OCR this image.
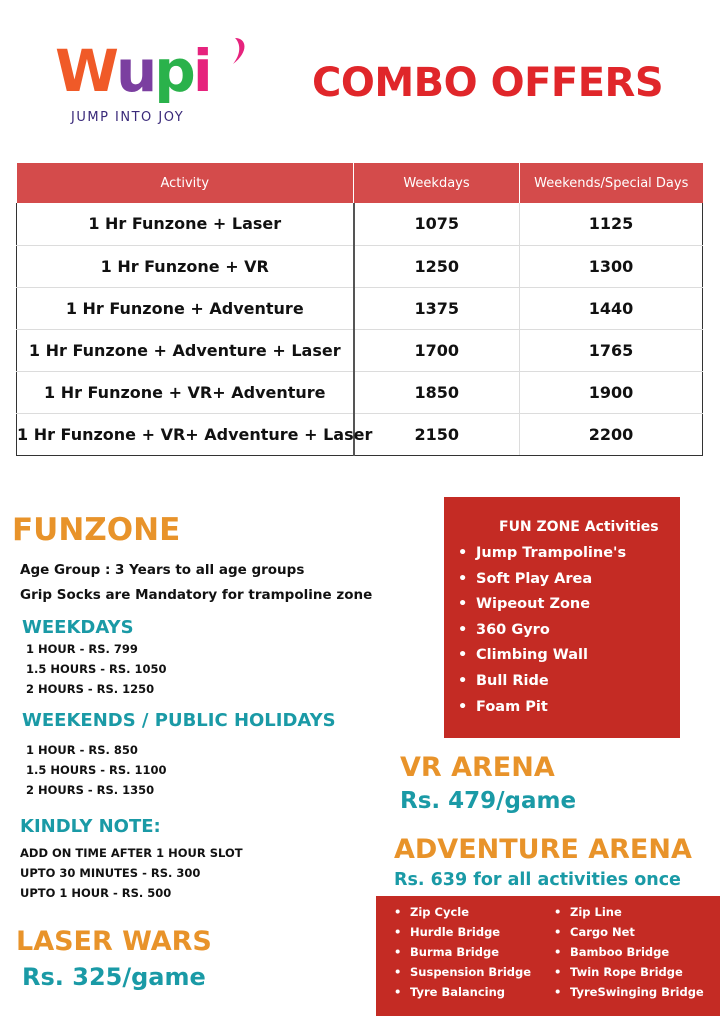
Wupi
JUMP INTO JOY
COMBO OFFERS
Activity	Weekdays	Weekends/Special Days
1 Hr Funzone + Laser	1075	1125
1 Hr Funzone + VR	1250	1300
1 Hr Funzone + Adventure	1375	1440
1 Hr Funzone + Adventure + Laser	1700	1765
1 Hr Funzone + VR+ Adventure	1850	1900
1 Hr Funzone + VR+ Adventure + Laser	2150	2200
FUNZONE
Age Group : 3 Years to all age groups
Grip Socks are Mandatory for trampoline zone
WEEKDAYS
1 HOUR - RS. 799
1.5 HOURS - RS. 1050
2 HOURS - RS. 1250
WEEKENDS / PUBLIC HOLIDAYS
1 HOUR - RS. 850
1.5 HOURS - RS. 1100
2 HOURS - RS. 1350
KINDLY NOTE:
ADD ON TIME AFTER 1 HOUR SLOT
UPTO 30 MINUTES - RS. 300
UPTO 1 HOUR - RS. 500
LASER WARS
Rs. 325/game
FUN ZONE Activities
• Jump Trampoline's
• Soft Play Area
• Wipeout Zone
• 360 Gyro
• Climbing Wall
• Bull Ride
• Foam Pit
VR ARENA
Rs. 479/game
ADVENTURE ARENA
Rs. 639 for all activities once
• Zip Cycle
• Hurdle Bridge
• Burma Bridge
• Suspension Bridge
• Tyre Balancing
• Zip Line
• Cargo Net
• Bamboo Bridge
• Twin Rope Bridge
• TyreSwinging Bridge
